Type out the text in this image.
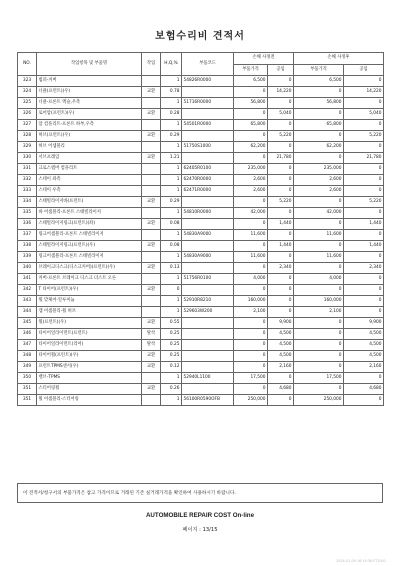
보험수리비 견적서
NO.	작업항목 및 부품명	작업	H,Q,%	부품코드	손해 사정전		손해 사정후	
					부품가격	공임	부품가격	공임
323	범퍼-커버		1	54826R0000	6,500	0	6,500	0
324	너클(프런트)(우)	교환	0.78		0	14,220	0	14,220
325	너클-프론트 액슬,우측		1	51716R0000	56,800	0	56,800	0
326	로어암(프런트)(우)	교환	0.28		0	5,040	0	5,040
327	암 컴플리트-프론트 하부,우측		1	54501R0000	65,800	0	65,800	0
328	허브(프런트)(우)	교환	0.29		0	5,220	0	5,220
329	허브 어셈블리		1	51750S1000	62,200	0	62,200	0
330	서브프레임	교환	1.21		0	21,780	0	21,780
331	크로스멤버 컴플리트		1	62405R0100	235,000	0	235,000	0
332	스테이 좌측		1	62470R0000	2,600	0	2,600	0
333	스테이 우측		1	62471R0000	2,600	0	2,600	0
334	스태빌라이저바(프런트)	교환	0.29		0	5,220	0	5,220
335	바 어셈블리-프론트 스태빌라이저		1	54810R0000	42,000	0	42,000	0
336	스태빌라이저링크(프런트)(좌)	교환	0.08		0	1,440	0	1,440
337	링크어셈블리-프론트 스태빌라이저		1	54830A9000	11,600	0	11,600	0
338	스태빌라이저링크(프런트)(우)	교환	0.08		0	1,440	0	1,440
339	링크어셈블리-프론트 스태빌라이저		1	54830A9000	11,600	0	11,600	0
340	브레이크디스크(디스크커버)(프런트)(우)	교환	0.13		0	2,340	0	2,340
341	커버-프론트 브레이크 디스크 더스트 오른		1	51756R0100	4,000	0	4,000	0
342	T 타이어(프런트)(우)	교환	0		0	0	0	0
343	휠 맞체어-알루미늄		1	52910R8210	160,000	0	160,000	0
344	캡 어셈블리-휠 허브		1	529603W200	2,100	0	2,100	0
345	휠(프런트)(우)	교환	0.55		0	9,900	0	9,900
346	타이어얼라이먼트(프런트)	탈착	0.25		0	4,500	0	4,500
347	타이어얼라이먼트(리어)	탈착	0.25		0	4,500	0	4,500
348	타이어휠(프런트)(우)	교환	0.25		0	4,500	0	4,500
349	프런트TPMS센서(우)	교환	0.12		0	2,160	0	2,160
350	밸브-TPMS		1	52940L1100	17,500	0	17,500	0
351	스티어링휠	교환	0.26		0	4,680	0	4,680
351	휠 어셈블리-스티어링		1	56100R0590OFB	250,000	0	250,000	0
이 견적서/청구서의 부품가격은 참고 가격이므로 거래된 기존 실거래가격을 확인하여 사용하시기 바랍니다.
AUTOMOBILE REPAIR COST On-line
페이지 : 13/15
2024-01-09 16:14:38 ET1001
